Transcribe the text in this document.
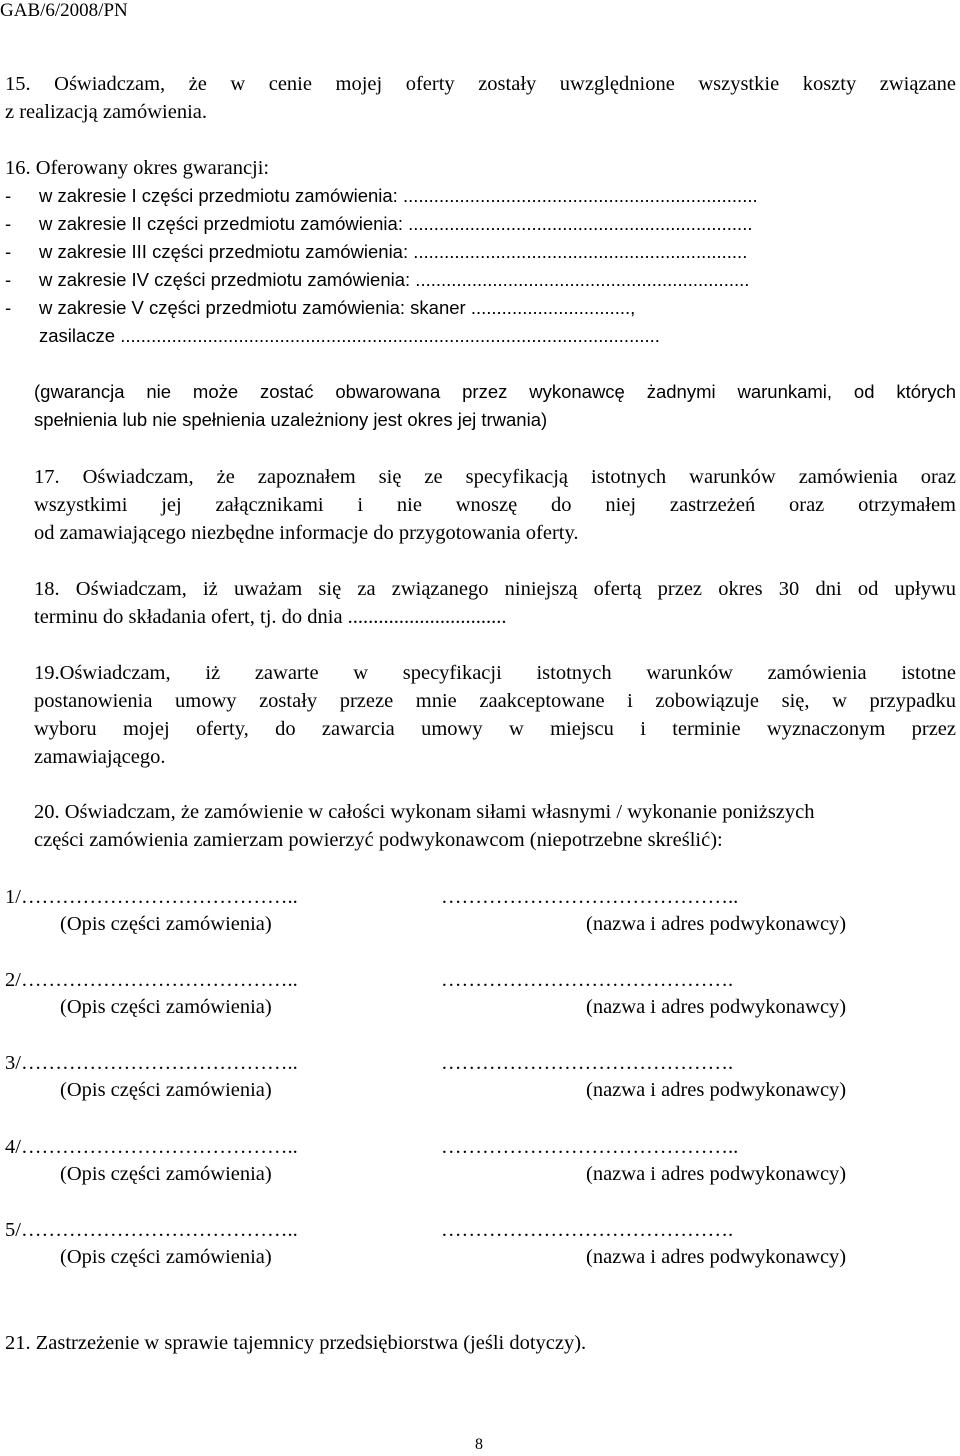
GAB/6/2008/PN
15. Oświadczam, że w cenie mojej oferty zostały uwzględnione wszystkie koszty związane
z realizacją zamówienia.
16. Oferowany okres gwarancji:
- w zakresie I części przedmiotu zamówienia: .....................................................................
- w zakresie II części przedmiotu zamówienia: ...................................................................
- w zakresie III części przedmiotu zamówienia: .................................................................
- w zakresie IV części przedmiotu zamówienia: .................................................................
- w zakresie V części przedmiotu zamówienia: skaner ...............................,
zasilacze .........................................................................................................
(gwarancja nie może zostać obwarowana przez wykonawcę żadnymi warunkami, od których
spełnienia lub nie spełnienia uzależniony jest okres jej trwania)
17. Oświadczam, że zapoznałem się ze specyfikacją istotnych warunków zamówienia oraz
wszystkimi jej załącznikami i nie wnoszę do niej zastrzeżeń oraz otrzymałem
od zamawiającego niezbędne informacje do przygotowania oferty.
18. Oświadczam, iż uważam się za związanego niniejszą ofertą przez okres 30 dni od upływu
terminu do składania ofert, tj. do dnia ...............................
19.Oświadczam, iż zawarte w specyfikacji istotnych warunków zamówienia istotne
postanowienia umowy zostały przeze mnie zaakceptowane i zobowiązuje się, w przypadku
wyboru mojej oferty, do zawarcia umowy w miejscu i terminie wyznaczonym przez
zamawiającego.
20. Oświadczam, że zamówienie w całości wykonam siłami własnymi / wykonanie poniższych
części zamówienia zamierzam powierzyć podwykonawcom (niepotrzebne skreślić):
1/…………………………………..	……………………………………..
(Opis części zamówienia)	(nazwa i adres podwykonawcy)
2/…………………………………..	…………………………………….
(Opis części zamówienia)	(nazwa i adres podwykonawcy)
3/…………………………………..	…………………………………….
(Opis części zamówienia)	(nazwa i adres podwykonawcy)
4/…………………………………..	……………………………………..
(Opis części zamówienia)	(nazwa i adres podwykonawcy)
5/…………………………………..	…………………………………….
(Opis części zamówienia)	(nazwa i adres podwykonawcy)
21. Zastrzeżenie w sprawie tajemnicy przedsiębiorstwa (jeśli dotyczy).
8
